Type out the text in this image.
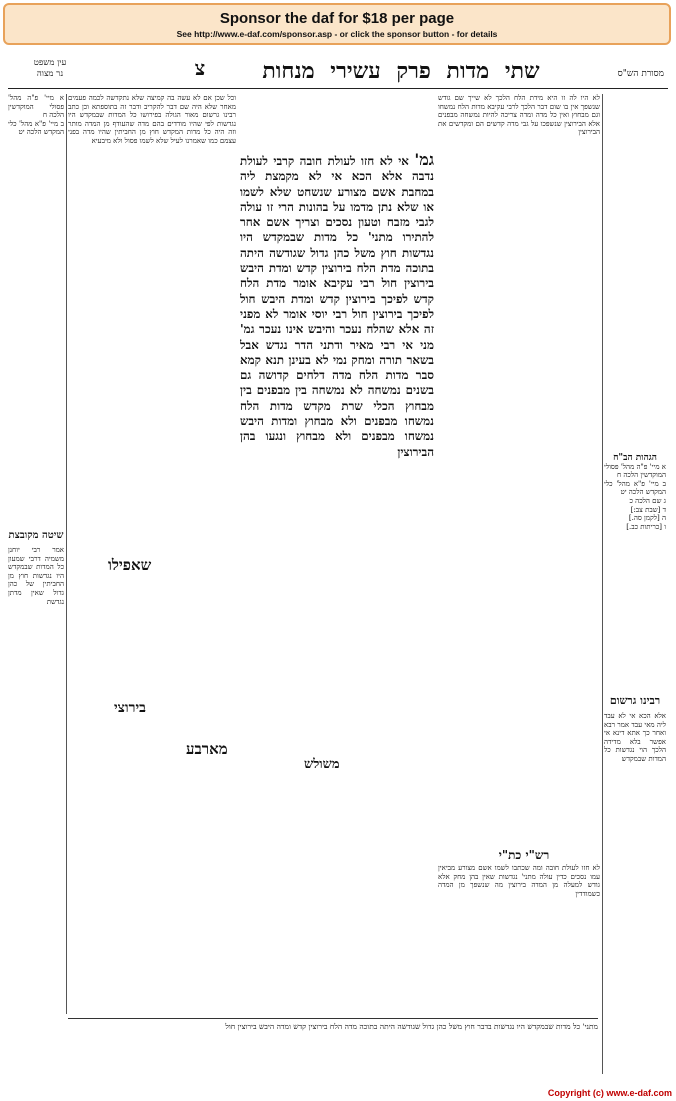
Sponsor the daf for $18 per page
See http://www.e-daf.com/sponsor.asp - or click the sponsor button - for details
שתי מדות פרק עשירי מנחות
צ	מסורת הש"ס
עין משפט
נר מצוה
הגהות הב"ח
א מיי' פ"ה מהל' פסולי המוקדשין הלכה ח
ב מיי' פ"א מהל' כלי המקדש הלכה יט
ג שם הלכה כ
ד [שבת צב:]
ה [לקמן סה.]
ו [כריתות כב.]
רבינו גרשום
אלא הכא אי לא עבד ליה מאי עבד אמר רבא ואחר כך אתא דינא אי אפשר בלא מדידה הלכך הוי נגדשות כל המדות שבמקדש
לא היו לה זו היא מידת הלח הלכך לא שייך שם גודש שנשפך אין בו שום דבר הלכך לרבי עקיבא מדות הלח נמשחו וגם מבחוץ ואין כל מדה ומדה צריכה להיות נמשחה מבפנים אלא הבירוצין שנשפכו על גבי מדה קדשים הם ומקדשים את הבירוצין
רש"י כת"י
לא חזו לעולת חובה ומה שכתבו לשמו אשם מצורע מביאין עמו נסכים כדין עולה מתני' נגדשות שאין בהן מחק אלא גודש למעלה מן המדה בירוצין מה שנשפך מן המדה כשמודדין
גמ' אי לא חזו לעולת חובה קרבי לעולת נדבה אלא הכא אי לא מקמצת ליה במחבת אשם מצורע שנשחט שלא לשמו או שלא נתן מדמו על בהונות הרי זו עולה לגבי מזבח וטעון נסכים וצריך אשם אחר להתירו מתני' כל מדות שבמקדש היו נגדשות חוץ משל כהן גדול שגודשה היתה בתוכה מדת הלח בירוצין קדש ומדת היבש בירוצין חול רבי עקיבא אומר מדת הלח קדש לפיכך בירוצין קדש ומדת היבש חול לפיכך בירוצין חול רבי יוסי אומר לא מפני זה אלא שהלח נעכר והיבש אינו נעכר גמ' מני אי רבי מאיר ודתני הדר נגדש אבל בשאר תורה ומחק נמי לא בעינן תנא קמא סבר מדות הלח מדה דלחים קדושה גם בשנים נמשחה לא נמשחה בין מבפנים בין מבחוץ הכלי שרת מקדש מדות הלח נמשחו מבפנים ולא מבחוץ ומדות היבש נמשחו מבפנים ולא מבחוץ ונגעו בהן הבירוצין
משולש
וכל שכן אם לא עשה בה קמיצה שלא נתקדשה לכמה פעמים מאחר שלא היה שם דבר להקריב ודבר זה בתוספתא וכן כתב רבינו גרשום מאור הגולה בפירושו כל המדות שבמקדש היו נגדשות לפי שהיו מודדים בהם מדה שהעודף מן המדה מותר וזה היה כל מדות המקדש חוץ מן החביתין שהיו מדה בפני עצמם כמו שאמרנו לעיל שלא לשמו פסול ולא מיבעיא
שאפילו
בירוצי
מארבע
א מיי' פ"ה מהל' פסולי המוקדשין הלכה ח
ב מיי' פ"א מהל' כלי המקדש הלכה יט
שיטה מקובצת
אמר רבי יוחנן משמיה דרבי שמעון כל המדות שבמקדש היו נגדשות חוץ מן החביתין של כהן גדול שאין מדתן נגדשת
מתני' כל מדות שבמקדש היו נגדשות בדבר חוץ משל כהן גדול שגודשה היתה בתוכה מדה הלח בירוצין קדש ומדה היבש בירוצין חול
Copyright (c) www.e-daf.com
